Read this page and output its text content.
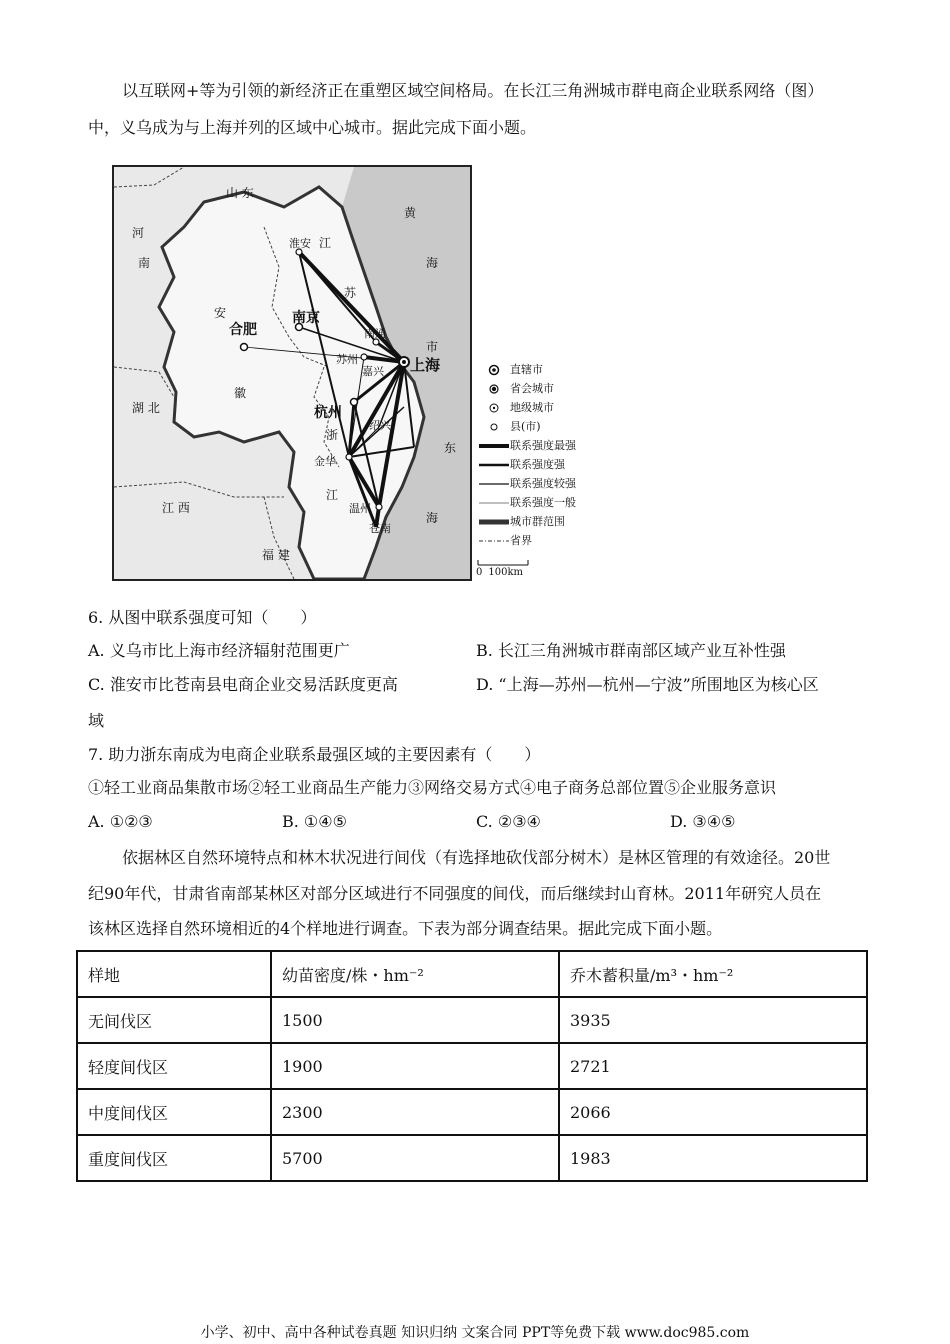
以互联网+等为引领的新经济正在重塑区域空间格局。在长江三角洲城市群电商企业联系网络（图）
中，义乌成为与上海并列的区域中心城市。据此完成下面小题。
山 东
河
南
安
徽
江
苏
黄
海
淮安
南京
合肥	南通
苏州
嘉兴 上海
市
杭州
浙
江
绍兴
金华
湖 北
江 西
福 建
东
海
温州
苍南
直辖市
省会城市
地级城市
县(市)
联系强度最强
联系强度强
联系强度较强
联系强度一般
城市群范围
省界
0 100km
6. 从图中联系强度可知（　　）
A. 义乌市比上海市经济辐射范围更广	B. 长江三角洲城市群南部区域产业互补性强
C. 淮安市比苍南县电商企业交易活跃度更高	D. “上海—苏州—杭州—宁波”所围地区为核心区
域
7. 助力浙东南成为电商企业联系最强区域的主要因素有（　　）
①轻工业商品集散市场②轻工业商品生产能力③网络交易方式④电子商务总部位置⑤企业服务意识
A. ①②③	B. ①④⑤	C. ②③④	D. ③④⑤
依据林区自然环境特点和林木状况进行间伐（有选择地砍伐部分树木）是林区管理的有效途径。20世
纪90年代，甘肃省南部某林区对部分区域进行不同强度的间伐，而后继续封山育林。2011年研究人员在
该林区选择自然环境相近的4个样地进行调查。下表为部分调查结果。据此完成下面小题。
样地	幼苗密度/株・hm⁻²	乔木蓄积量/m³・hm⁻²
无间伐区	1500	3935
轻度间伐区	1900	2721
中度间伐区	2300	2066
重度间伐区	5700	1983
小学、初中、高中各种试卷真题 知识归纳 文案合同 PPT等免费下载 www.doc985.com
